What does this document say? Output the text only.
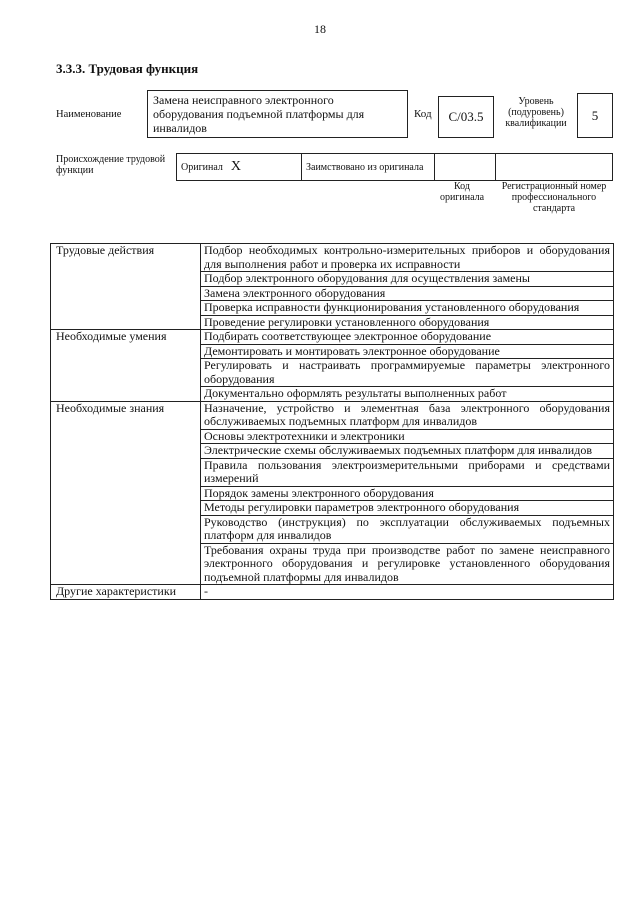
18
3.3.3. Трудовая функция
Наименование
Замена неисправного электронного оборудования подъемной платформы для инвалидов
Код	C/03.5
Уровень (подуровень) квалификации
5
Происхождение трудовой функции	Оригинал X	Заимствовано из оригинала		
Код оригинала
Регистрационный номер профессионального стандарта
Трудовые действия	Подбор необходимых контрольно-измерительных приборов и оборудования для выполнения работ и проверка их исправности
	Подбор электронного оборудования для осуществления замены
	Замена электронного оборудования
	Проверка исправности функционирования установленного оборудования
	Проведение регулировки установленного оборудования
Необходимые умения	Подбирать соответствующее электронное оборудование
	Демонтировать и монтировать электронное оборудование
	Регулировать и настраивать программируемые параметры электронного оборудования
	Документально оформлять результаты выполненных работ
Необходимые знания	Назначение, устройство и элементная база электронного оборудования обслуживаемых подъемных платформ для инвалидов
	Основы электротехники и электроники
	Электрические схемы обслуживаемых подъемных платформ для инвалидов
	Правила пользования электроизмерительными приборами и средствами измерений
	Порядок замены электронного оборудования
	Методы регулировки параметров электронного оборудования
	Руководство (инструкция) по эксплуатации обслуживаемых подъемных платформ для инвалидов
	Требования охраны труда при производстве работ по замене неисправного электронного оборудования и регулировке установленного оборудования подъемной платформы для инвалидов
Другие характеристики	-
